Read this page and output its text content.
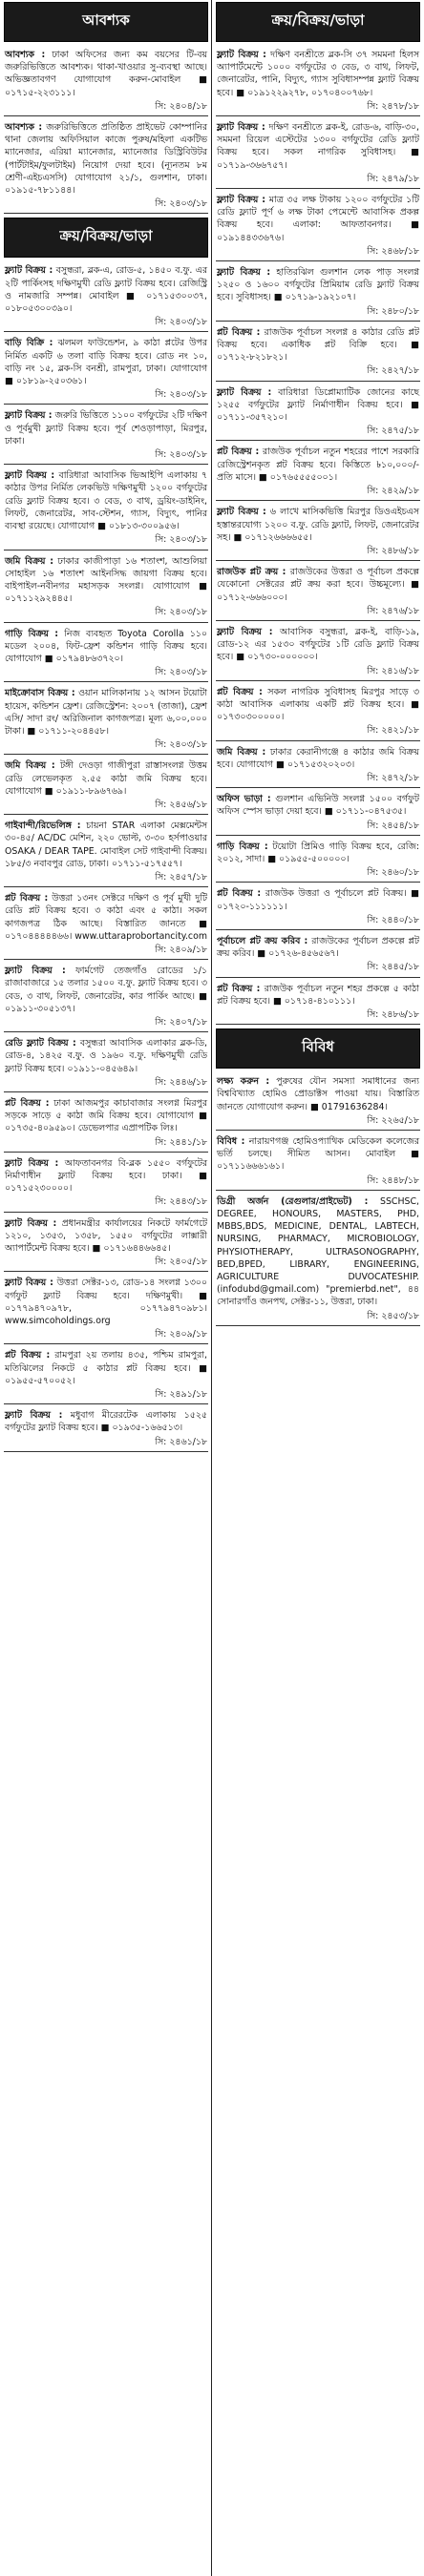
আবশ্যক
আবশ্যক : ঢাকা অফিসের জন্য কম বয়সের টি-বয় জরুরিভিত্তিতে আবশ্যক। থাকা-খাওয়ার সু-ব্যবস্থা আছে। অভিজ্ঞতাবগণ যোগাযোগ করুন-মোবাইল ■ ০১৭১৫-২২৩১১১।
সি: ২৪০৪/১৮
আবশ্যক : জরুরিভিত্তিতে প্রতিষ্ঠিত প্রাইভেট কোম্পানির থানা জেলায় অফিসিয়াল কাজে পুরুষ/মহিলা একটিভ ম্যানেজার, এরিয়া ম্যানেজার, ম্যানেজার ডিস্ট্রিবিউটর (পার্টটাইম/ফুলটাইম) নিয়োগ দেয়া হবে। (ন্যূনতম ৮ম শ্রেণী-এইচএসসি) যোগাযোগ ২১/১, গুলশান, ঢাকা। ০১৯১৫-৭৮১১৪৪।
সি: ২৪০৩/১৮
ক্রয়/বিক্রয়/ভাড়া
ফ্ল্যাট বিক্রয় : বসুন্ধরা, ব্লক-এ, রোড-৫, ১৪৫০ ব.ফু. এর ২টি পার্কিংসহ দক্ষিণমুখী রেডি ফ্ল্যাট বিক্রয় হবে। রেজিস্ট্রি ও নামজারি সম্পন্ন। মোবাইল ■ ০১৭১৫৩০০৩৭, ০১৮০৫৩০০৩৯০।
সি: ২৪০৩/১৮
বাড়ি বিক্রি : ঝলমল ফাউন্ডেশন, ৯ কাঠা প্লটের উপর নির্মিত একটি ৬ তলা বাড়ি বিক্রয় হবে। রোড নং ১০, বাড়ি নং ১৫, ব্লক-সি বনশ্রী, রামপুরা, ঢাকা। যোগাযোগ ■ ০১৮১৯-২৫০৩৬১।
সি: ২৪০৩/১৮
ফ্ল্যাট বিক্রয় : জরুরি ভিত্তিতে ১১০০ বর্গফুটের ২টি দক্ষিণ ও পূর্বমুখী ফ্ল্যাট বিক্রয় হবে। পূর্ব শেওড়াপাড়া, মিরপুর, ঢাকা।
সি: ২৪০৩/১৮
ফ্ল্যাট বিক্রয় : বারিধারা আবাসিক ভিআইপি এলাকায় ৭ কাঠার উপর নির্মিত লেকভিউ দক্ষিণমুখী ১২০০ বর্গফুটের রেডি ফ্ল্যাট বিক্রয় হবে। ৩ বেড, ৩ বাথ, ড্রয়িং-ডাইনিং, লিফট, জেনারেটর, সাব-স্টেশন, গ্যাস, বিদ্যুৎ, পানির ব্যবস্থা রয়েছে। যোগাযোগ ■ ০১৮১৩-৩০০৯৫৬।
সি: ২৪০৩/১৮
জমি বিক্রয় : ঢাকার কাজীপাড়া ১৬ শতাংশ, আশুলিয়া সোহাইল ১৬ শতাংশ আইনসিদ্ধ জায়গা বিক্রয় হবে। বাইপাইল-নবীনগর মহাসড়ক সংলগ্ন। যোগাযোগ ■ ০১৭১১২৯২৪৪৫।
সি: ২৪০৩/১৮
গাড়ি বিক্রয় : নিজ ব্যবহৃত Toyota Corolla ১১০ মডেল ২০০৪, ফিট-ফ্রেশ কন্ডিশন গাড়ি বিক্রয় হবে। যোগাযোগ ■ ০১৭৯৪৮৬৩৭২০।
সি: ২৪০৩/১৮
মাইক্রোবাস বিক্রয় : ওয়ান মালিকানায় ১২ আসন টয়োটা হায়েস, কন্ডিশন ফ্রেশ। রেজিস্ট্রেশন: ২০০৭ (তাজা), ফ্রেশ এসি/ সাদা রং/ অরিজিনাল কাগজপত্র। মূল্য ৬,০০,০০০ টাকা। ■ ০১৭১১-২০৪৪৫৮।
সি: ২৪০৩/১৮
জমি বিক্রয় : টঙ্গী দেওড়া গাজীপুরা রাস্তাসংলগ্ন উত্তম রেডি লেভেলকৃত ২.৫৫ কাঠা জমি বিক্রয় হবে। যোগাযোগ ■ ০১৯১১-৮৯৬৭৬৯।
সি: ২৪৫৬/১৮
গাইবান্দী/রিভেলিঙ্গ : চায়না STAR এলাকা মেক্সমেন্টস ৩০-৪৫/ AC/DC মেশিন, ২২০ ভোল্ট, ৩-৩০ হর্সপাওয়ার OSAKA / DEAR TAPE. মোবাইল সেট গাইবান্দী বিক্রয়। ১৮৫/৩ নবাবপুর রোড, ঢাকা। ০১৭১১-৫১৭৫৫৭।
সি: ২৪৫৭/১৮
প্লট বিক্রয় : উত্তরা ১৩নং সেক্টরে দক্ষিণ ও পূর্ব মুখী দুটি রেডি প্লট বিক্রয় হবে। ৩ কাঠা এবং ৫ কাঠা। সকল কাগজপত্র ঠিক আছে। বিস্তারিত জানতে ■ ০১৭০৪৪৪৪৪৬৬। www.uttaraprobortancity.com
সি: ২৪০৯/১৮
ফ্ল্যাট বিক্রয় : ফার্মগেট তেজগাঁও রোডের ১/১ রাজাবাজারে ১৫ তলার ১৫০০ ব.ফু. ফ্ল্যাট বিক্রয় হবে। ৩ বেড, ৩ বাথ, লিফট, জেনারেটর, কার পার্কিং আছে। ■ ০১৯১১-৩০৫১৩৭।
সি: ২৪০৭/১৮
রেডি ফ্ল্যাট বিক্রয় : বসুন্ধরা আবাসিক এলাকার ব্লক-ডি, রোড-৪, ১৪২৫ ব.ফু. ও ১৯৬০ ব.ফু. দক্ষিণমুখী রেডি ফ্ল্যাট বিক্রয় হবে। ০১৯১১-০৪৫৬৪৯।
সি: ২৪৪৬/১৮
প্লট বিক্রয় : ঢাকা আজমপুর কাচাবাজার সংলগ্ন মিরপুর সড়কে সাড়ে ৫ কাঠা জমি বিক্রয় হবে। যোগাযোগ ■ ০১৭৩৫-৪০৯৫৯০। ডেভেলপার এপ্রাপটিক লিঃ।
সি: ২৪৪১/১৮
ফ্ল্যাট বিক্রয় : আফতাবনগর বি-ব্লক ১৫৫০ বর্গফুটের নির্মাণাধীন ফ্ল্যাট বিক্রয় হবে। ঢাকা। ■ ০১৭১৫২৩০০০০।
সি: ২৪৪৩/১৮
ফ্ল্যাট বিক্রয় : প্রধানমন্ত্রীর কার্যালয়ের নিকটে ফার্মগেটে ১২১০, ১৩৫৩, ১৩৫৮, ১৫৫০ বর্গফুটের লাক্সারী অ্যাপার্টমেন্ট বিক্রয় হবে। ■ ০১৭১৬৪৪৬৬৪৫।
সি: ২৪০৫/১৮
ফ্ল্যাট বিক্রয় : উত্তরা সেক্টর-১৩, রোড-১৪ সংলগ্ন ১৩০০ বর্গফুট ফ্ল্যাট বিক্রয় হবে। দক্ষিণমুখী। ■ ০১৭৭৯৪৭০৯৭৮, ০১৭৭৯৪৭০৯৮১। www.simcoholdings.org
সি: ২৪০৯/১৮
প্লট বিক্রয় : রামপুরা ২য় তলায় ৪৩৫, পশ্চিম রামপুরা, মতিঝিলের নিকটে ৫ কাঠার প্লট বিক্রয় হবে। ■ ০১৯৫৫-৫৭০০৫২।
সি: ২৪৯১/১৮
ফ্ল্যাট বিক্রয় : মধুবাগ মীরেরটেক এলাকায় ১৫২৫ বর্গফুটের ফ্ল্যাট বিক্রয় হবে। ■ ০১৯৩৫-১৬৬৫১৩।
সি: ২৪৬১/১৮
ক্রয়/বিক্রয়/ভাড়া
ফ্ল্যাট বিক্রয় : দক্ষিণ বনশ্রীতে ব্লক-সি ৩৭ সমমনা হিলস অ্যাপার্টমেন্টে ১০০০ বর্গফুটের ৩ বেড, ৩ বাথ, লিফট, জেনারেটর, পানি, বিদ্যুৎ, গ্যাস সুবিধাসম্পন্ন ফ্ল্যাট বিক্রয় হবে। ■ ০১৯১২২৯২৭৮, ০১৭০৪০০৭৬৮।
সি: ২৪৭৮/১৮
ফ্ল্যাট বিক্রয় : দক্ষিণ বনশ্রীতে ব্লক-ই, রোড-৬, বাড়ি-৩০, সমমনা রিয়েল এস্টেটের ১৩০০ বর্গফুটের রেডি ফ্ল্যাট বিক্রয় হবে। সকল নাগরিক সুবিধাসহ। ■ ০১৭১৯-৩৬৬৭৫৭।
সি: ২৪৭৯/১৮
ফ্ল্যাট বিক্রয় : মাত্র ৩৫ লক্ষ টাকায় ১২০০ বর্গফুটের ১টি রেডি ফ্ল্যাট পূর্ণ ৬ লক্ষ টাকা পেমেন্টে আবাসিক প্রকল্প বিক্রয় হবে। এলাকা: আফতাবনগর। ■ ০১৯১৪৪৩৩৬৭৬।
সি: ২৪৬৮/১৮
ফ্ল্যাট বিক্রয় : হাতিরঝিল গুলশান লেক পাড় সংলগ্ন ১২৫০ ও ১৬০০ বর্গফুটের প্রিমিয়াম রেডি ফ্ল্যাট বিক্রয় হবে। সুবিধাসহ। ■ ০১৭১৯-১৯২১০৭।
সি: ২৪৮০/১৮
প্লট বিক্রয় : রাজউক পূর্বাচল সংলগ্ন ৪ কাঠার রেডি প্লট বিক্রয় হবে। একাধিক প্লট বিক্রি হবে। ■ ০১৭১২-৮২১৮২১।
সি: ২৪২৭/১৮
ফ্ল্যাট বিক্রয় : বারিধারা ডিপ্লোম্যাটিক জোনের কাছে ১২৫৫ বর্গফুটের ফ্ল্যাট নির্মাণাধীন বিক্রয় হবে। ■ ০১৭১১-৩৫৭২১০।
সি: ২৪৭৫/১৮
প্লট বিক্রয় : রাজউক পূর্বাচল নতুন শহরের পাশে সরকারি রেজিস্ট্রেশনকৃত প্লট বিক্রয় হবে। কিস্তিতে ৳১০,০০০/- প্রতি মাসে। ■ ০১৭৬৫৫৫৫০০১।
সি: ২৪২৯/১৮
ফ্ল্যাট বিক্রয় : ৬ লাখে মাসিকভিত্তি মিরপুর ডিওএইচএস হস্তান্তরযোগ্য ১২০০ ব.ফু. রেডি ফ্ল্যাট, লিফট, জেনারেটর সহ। ■ ০১৭১২৬৬৬৬৫৫।
সি: ২৪৮৬/১৮
রাজউক প্লট ক্রয় : রাজউকের উত্তরা ও পূর্বাচল প্রকল্পে যেকোনো সেক্টরের প্লট ক্রয় করা হবে। উচ্চমূল্যে। ■ ০১৭১২-৬৬৬০০০।
সি: ২৪৭৬/১৮
ফ্ল্যাট বিক্রয় : আবাসিক বসুন্ধরা, ব্লক-ই, বাড়ি-১৯, রোড-১২ এর ১৫৩০ বর্গফুটের ১টি রেডি ফ্ল্যাট বিক্রয় হবে। ■ ০১৭৩০-০০০০০০।
সি: ২৪১৬/১৮
প্লট বিক্রয় : সকল নাগরিক সুবিধাসহ মিরপুর সাড়ে ৩ কাঠা আবাসিক এলাকায় একটি প্লট বিক্রয় হবে। ■ ০১৭৩০৩০০০০০।
সি: ২৪২১/১৮
জমি বিক্রয় : ঢাকার কেরানীগঞ্জে ৪ কাঠার জমি বিক্রয় হবে। যোগাযোগ ■ ০১৭১৫৩২০২০৩।
সি: ২৪৭২/১৮
অফিস ভাড়া : গুলশান এভিনিউ সংলগ্ন ১৫০০ বর্গফুট অফিস স্পেস ভাড়া দেয়া হবে। ■ ০১৭১১-০৪৭৫৩৫।
সি: ২৪৫৪/১৮
গাড়ি বিক্রয় : টয়োটা প্রিমিও গাড়ি বিক্রয় হবে, রেজি: ২০১২, সাদা। ■ ০১৯৫৫-৫০০০০০।
সি: ২৪৬০/১৮
প্লট বিক্রয় : রাজউক উত্তরা ও পূর্বাচলে প্লট বিক্রয়। ■ ০১৭২০-১১১১১১।
সি: ২৪৪০/১৮
পূর্বাচলে প্লট ক্রয় করিব : রাজউকের পূর্বাচল প্রকল্পে প্লট ক্রয় করিব। ■ ০১৭২৬-৪৫৬৫৬৭।
সি: ২৪৪৫/১৮
প্লট বিক্রয় : রাজউক পূর্বাচল নতুন শহর প্রকল্পে ৫ কাঠা প্লট বিক্রয় হবে। ■ ০১৭১৪-৪১০১১১।
সি: ২৪৮৬/১৮
বিবিধ
লক্ষ্য করুন : পুরুষের যৌন সমস্যা সমাধানের জন্য বিশ্ববিখ্যাত হোমিও প্রোডাক্টস পাওয়া যায়। বিস্তারিত জানতে যোগাযোগ করুন। ■ 01791636284।
সি: ২২৬৫/১৮
বিবিধ : নারায়ণগঞ্জ হোমিওপ্যাথিক মেডিকেল কলেজের ভর্তি চলছে। সীমিত আসন। মোবাইল ■ ০১৭১১৬৬৬১৬১।
সি: ২৪৪৮/১৮
ডিগ্রী অর্জন (রেগুলার/প্রাইভেট) : SSCHSC, DEGREE, HONOURS, MASTERS, PHD, MBBS,BDS, MEDICINE, DENTAL, LABTECH, NURSING, PHARMACY, MICROBIOLOGY, PHYSIOTHERAPY, ULTRASONOGRAPHY, BED,BPED, LIBRARY, ENGINEERING, AGRICULTURE DUVOCATESHIP. (infodubd@gmail.com) "premierbd.net", ৪৪ সোনারগাঁও জনপথ, সেক্টর-১১, উত্তরা, ঢাকা।
সি: ২৪৫৩/১৮
